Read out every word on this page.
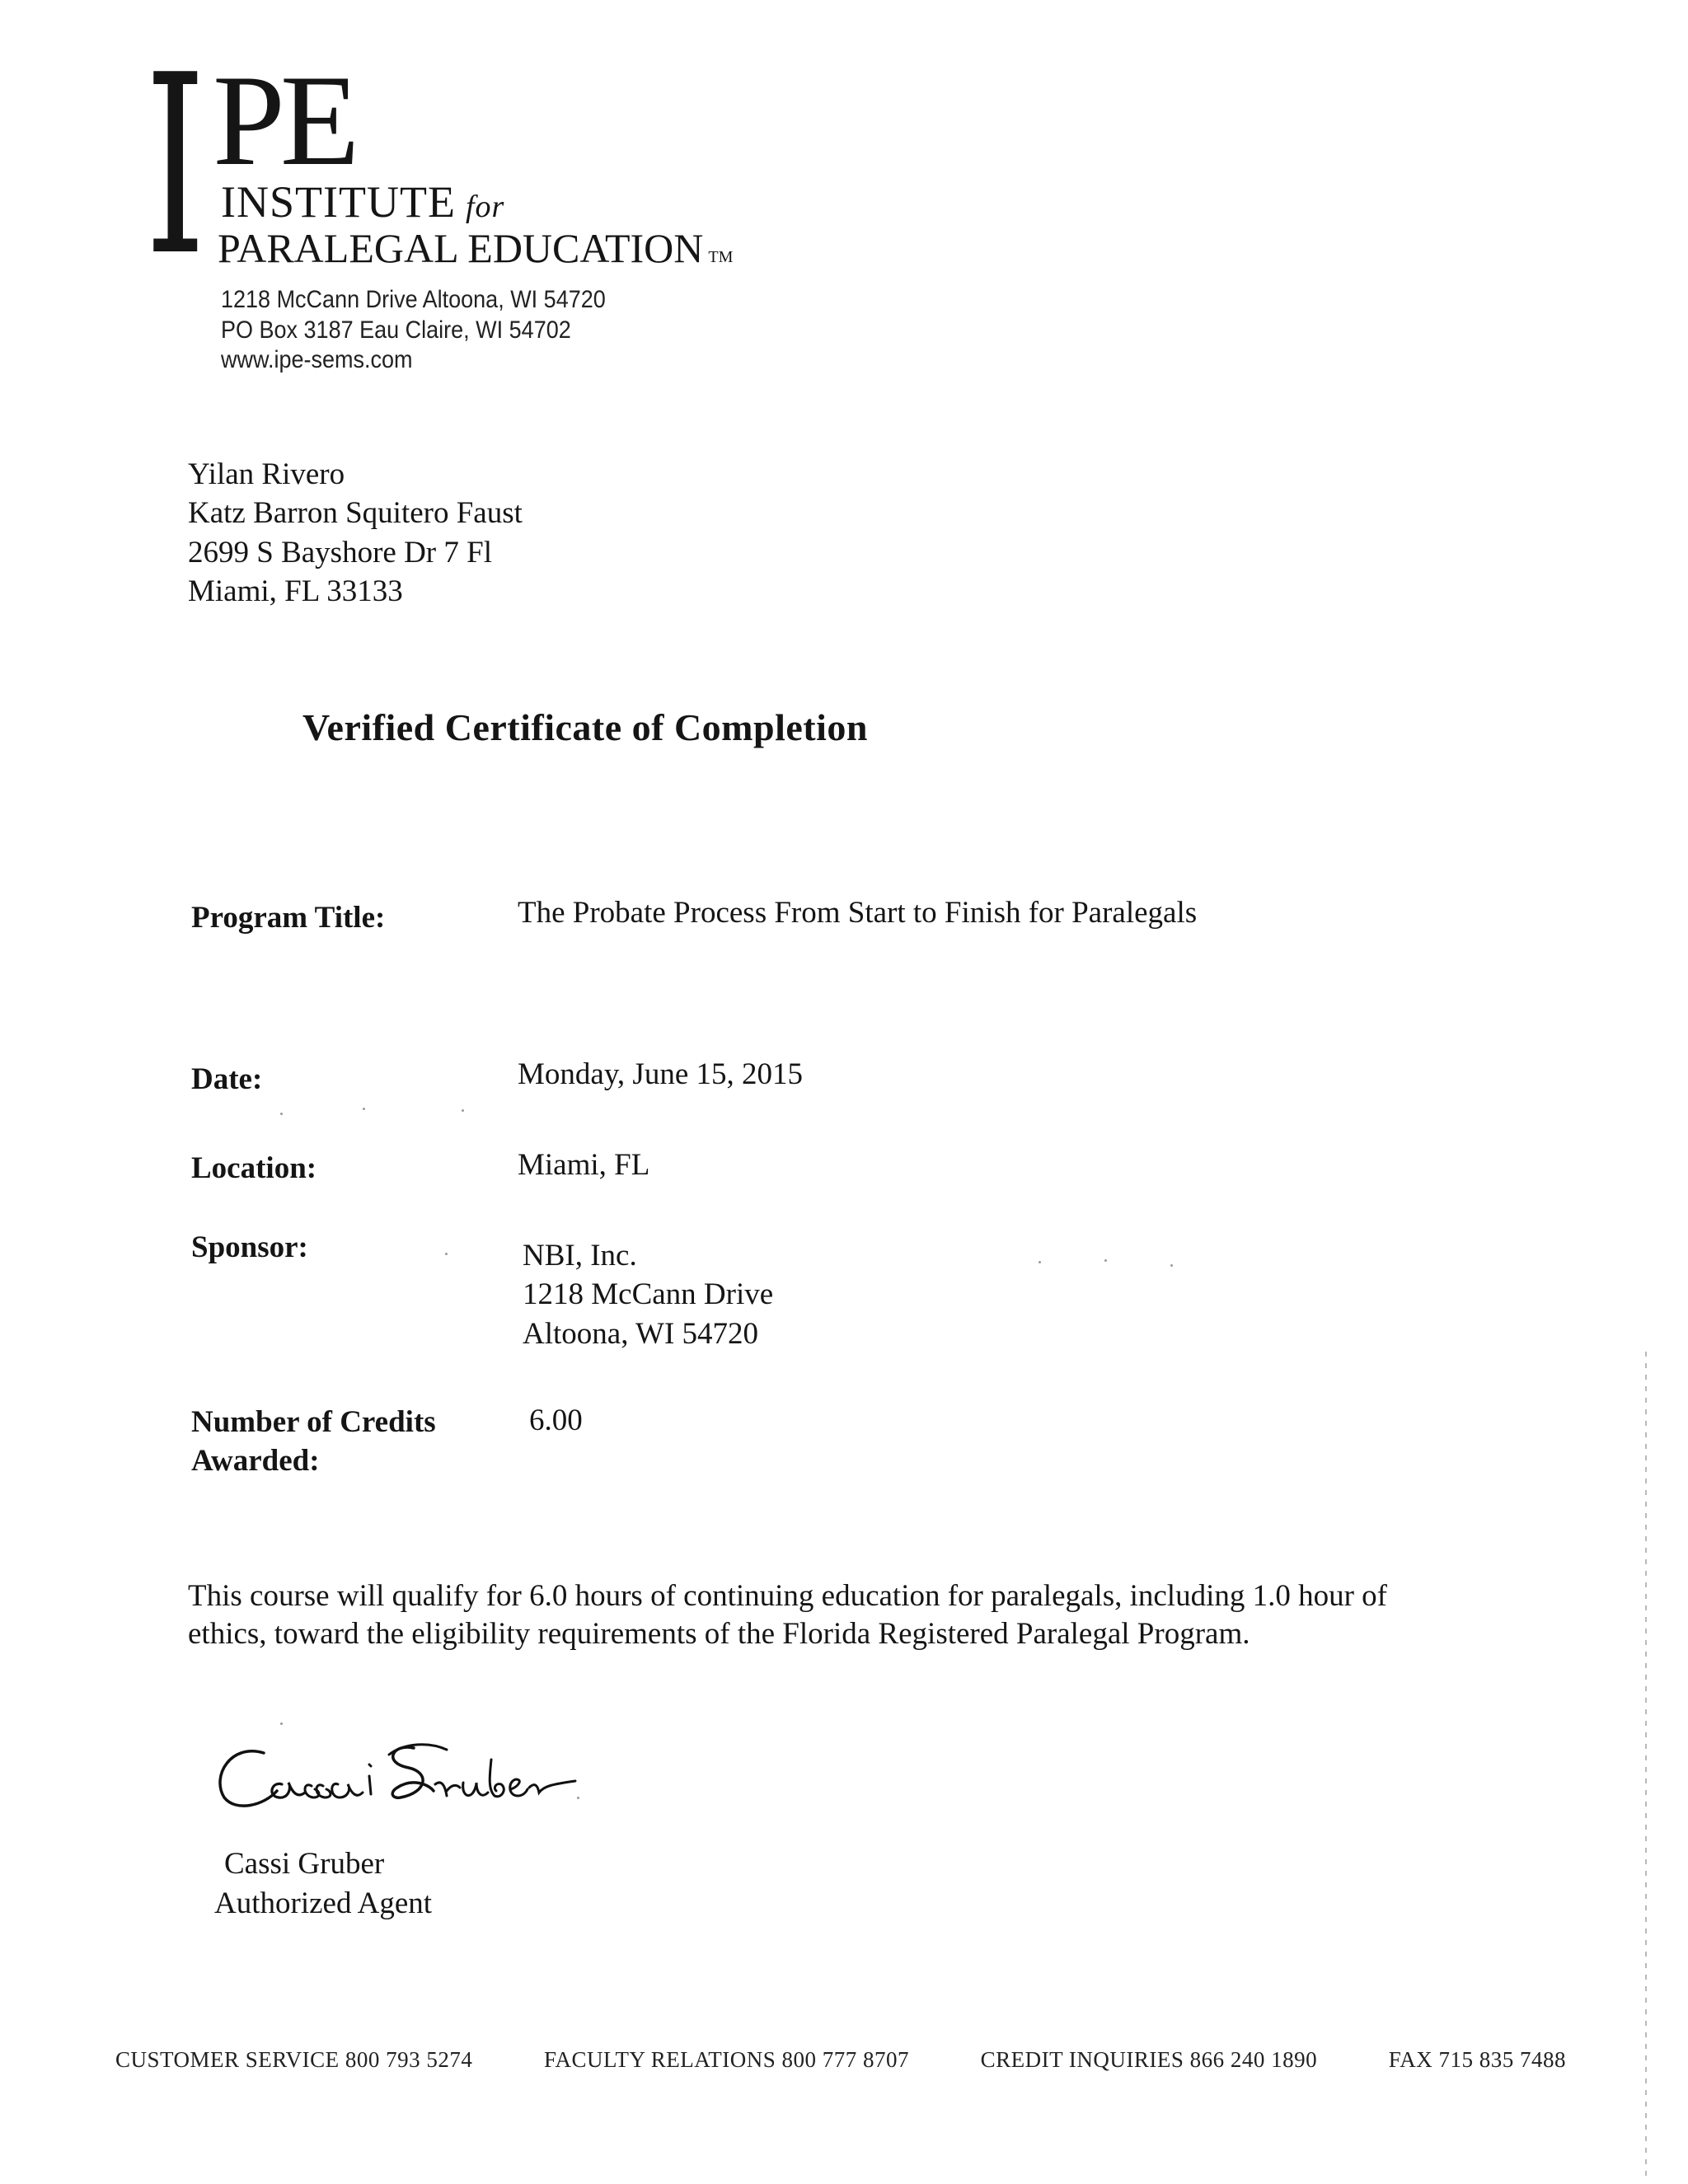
I PE
INSTITUTE for
PARALEGAL EDUCATION TM
1218 McCann Drive Altoona, WI 54720
PO Box 3187 Eau Claire, WI 54702
www.ipe-sems.com
Yilan Rivero
Katz Barron Squitero Faust
2699 S Bayshore Dr 7 Fl
Miami, FL 33133
Verified Certificate of Completion
Program Title:	The Probate Process From Start to Finish for Paralegals
Date:	Monday, June 15, 2015
Location:	Miami, FL
Sponsor:	NBI, Inc.
1218 McCann Drive
Altoona, WI 54720
Number of Credits
Awarded:
6.00
This course will qualify for 6.0 hours of continuing education for paralegals, including 1.0 hour of ethics, toward the eligibility requirements of the Florida Registered Paralegal Program.
Cassi Gruber
Authorized Agent
CUSTOMER SERVICE 800 793 5274	FACULTY RELATIONS 800 777 8707	CREDIT INQUIRIES 866 240 1890	FAX 715 835 7488
